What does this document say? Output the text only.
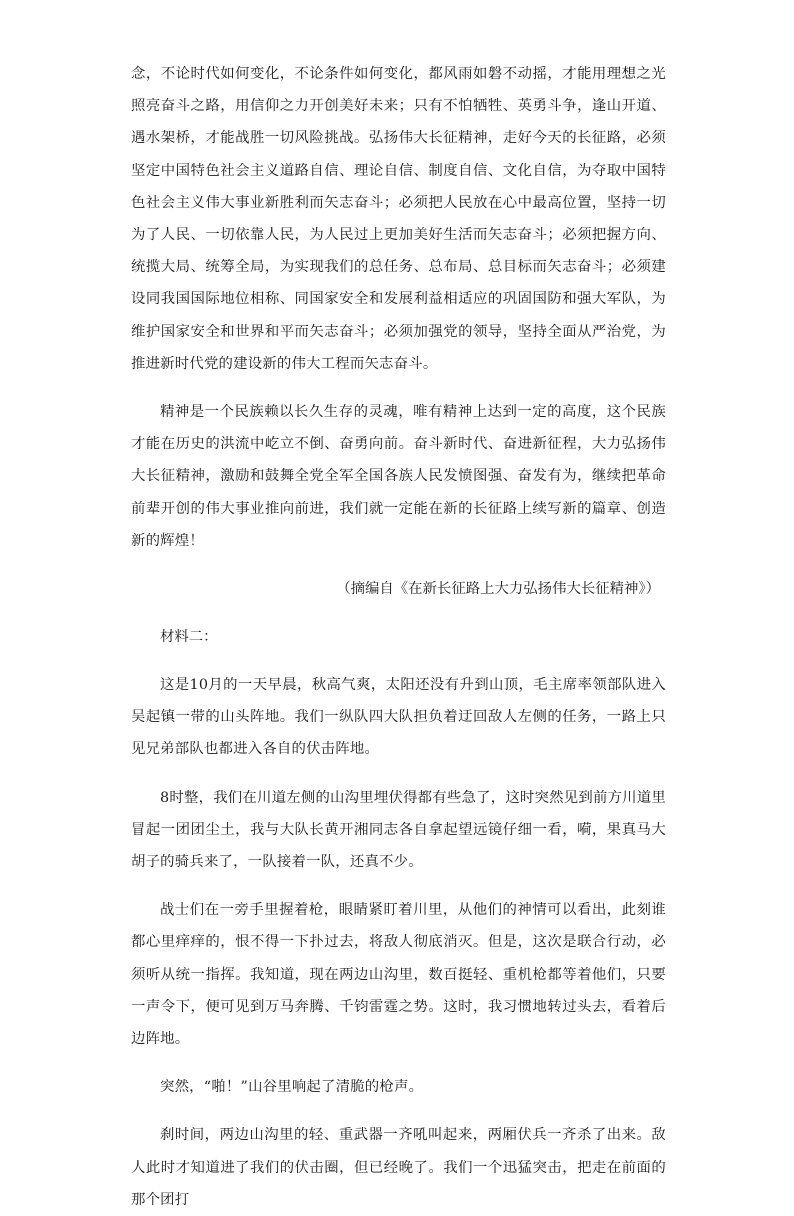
念，不论时代如何变化，不论条件如何变化，都风雨如磐不动摇，才能用理想之光照亮奋斗之路，用信仰之力开创美好未来；只有不怕牺牲、英勇斗争，逢山开道、遇水架桥，才能战胜一切风险挑战。弘扬伟大长征精神，走好今天的长征路，必须坚定中国特色社会主义道路自信、理论自信、制度自信、文化自信，为夺取中国特色社会主义伟大事业新胜利而矢志奋斗；必须把人民放在心中最高位置，坚持一切为了人民、一切依靠人民，为人民过上更加美好生活而矢志奋斗；必须把握方向、统揽大局、统筹全局，为实现我们的总任务、总布局、总目标而矢志奋斗；必须建设同我国国际地位相称、同国家安全和发展利益相适应的巩固国防和强大军队，为维护国家安全和世界和平而矢志奋斗；必须加强党的领导，坚持全面从严治党，为推进新时代党的建设新的伟大工程而矢志奋斗。

精神是一个民族赖以长久生存的灵魂，唯有精神上达到一定的高度，这个民族才能在历史的洪流中屹立不倒、奋勇向前。奋斗新时代、奋进新征程，大力弘扬伟大长征精神，激励和鼓舞全党全军全国各族人民发愤图强、奋发有为，继续把革命前辈开创的伟大事业推向前进，我们就一定能在新的长征路上续写新的篇章、创造新的辉煌！

（摘编自《在新长征路上大力弘扬伟大长征精神》）

材料二：

这是10月的一天早晨，秋高气爽，太阳还没有升到山顶，毛主席率领部队进入吴起镇一带的山头阵地。我们一纵队四大队担负着迂回敌人左侧的任务，一路上只见兄弟部队也都进入各自的伏击阵地。

8时整，我们在川道左侧的山沟里埋伏得都有些急了，这时突然见到前方川道里冒起一团团尘土，我与大队长黄开湘同志各自拿起望远镜仔细一看，嗬，果真马大胡子的骑兵来了，一队接着一队，还真不少。

战士们在一旁手里握着枪，眼睛紧盯着川里，从他们的神情可以看出，此刻谁都心里痒痒的，恨不得一下扑过去，将敌人彻底消灭。但是，这次是联合行动，必须听从统一指挥。我知道，现在两边山沟里，数百挺轻、重机枪都等着他们，只要一声令下，便可见到万马奔腾、千钧雷霆之势。这时，我习惯地转过头去，看着后边阵地。

突然，“啪！”山谷里响起了清脆的枪声。

刹时间，两边山沟里的轻、重武器一齐吼叫起来，两厢伏兵一齐杀了出来。敌人此时才知道进了我们的伏击圈，但已经晚了。我们一个迅猛突击，把走在前面的那个团打
